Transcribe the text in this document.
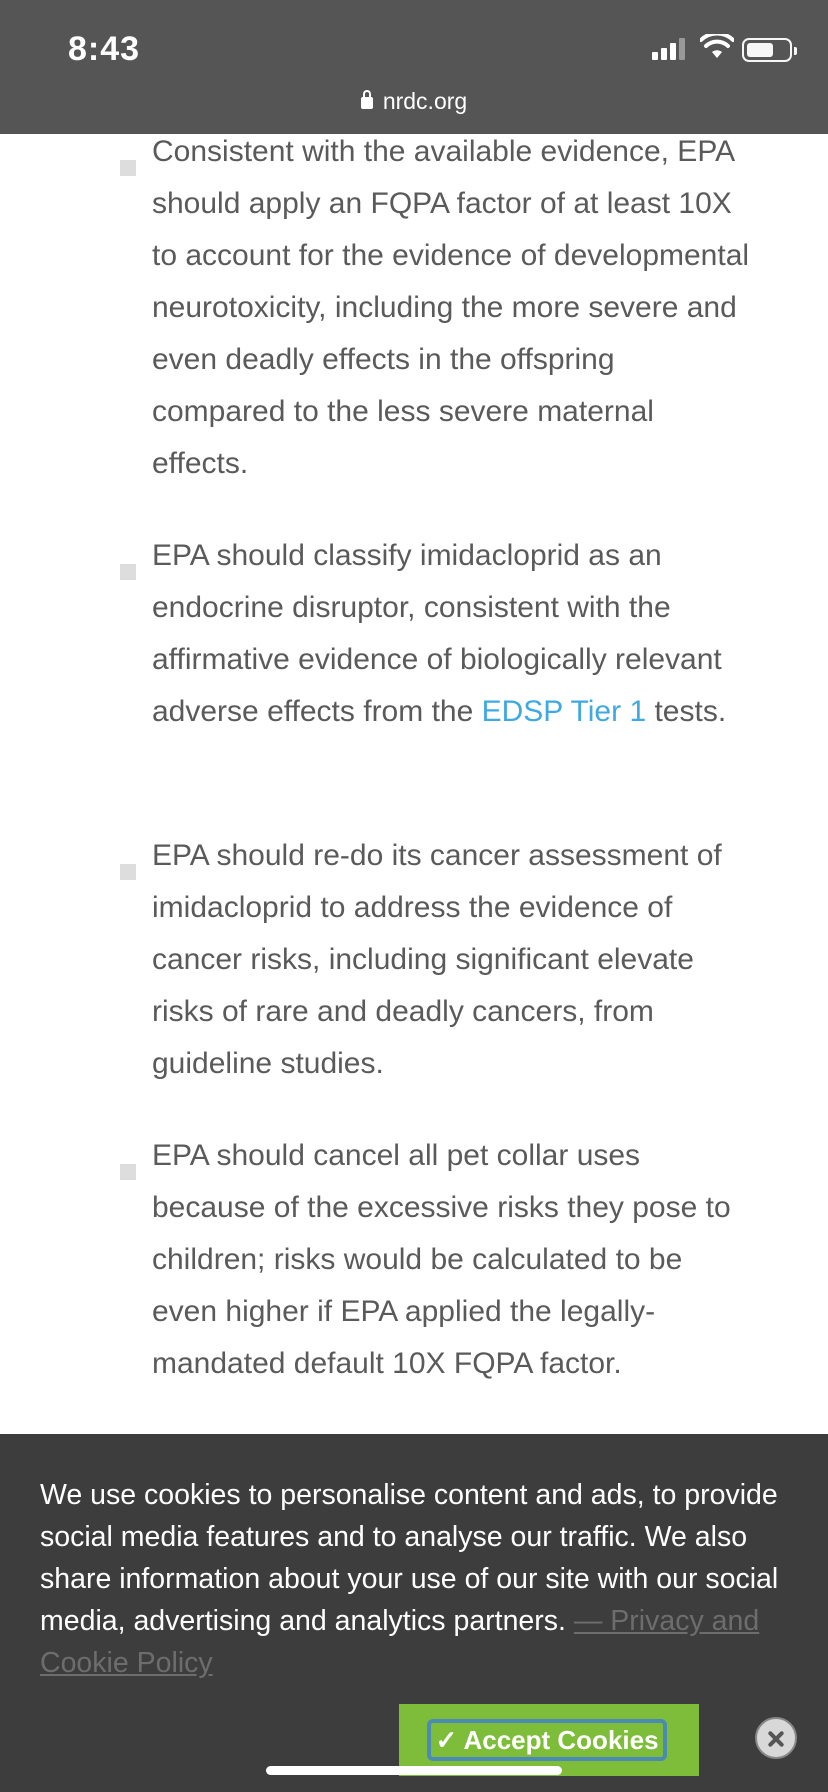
8:43
nrdc.org
Consistent with the available evidence, EPA should apply an FQPA factor of at least 10X to account for the evidence of developmental neurotoxicity, including the more severe and even deadly effects in the offspring compared to the less severe maternal effects.
EPA should classify imidacloprid as an endocrine disruptor, consistent with the affirmative evidence of biologically relevant adverse effects from the EDSP Tier 1 tests.
EPA should re-do its cancer assessment of imidacloprid to address the evidence of cancer risks, including significant elevate risks of rare and deadly cancers, from guideline studies.
EPA should cancel all pet collar uses because of the excessive risks they pose to children; risks would be calculated to be even higher if EPA applied the legally-mandated default 10X FQPA factor.
We use cookies to personalise content and ads, to provide social media features and to analyse our traffic. We also share information about your use of our site with our social media, advertising and analytics partners. — Privacy and Cookie Policy
✓ Accept Cookies
